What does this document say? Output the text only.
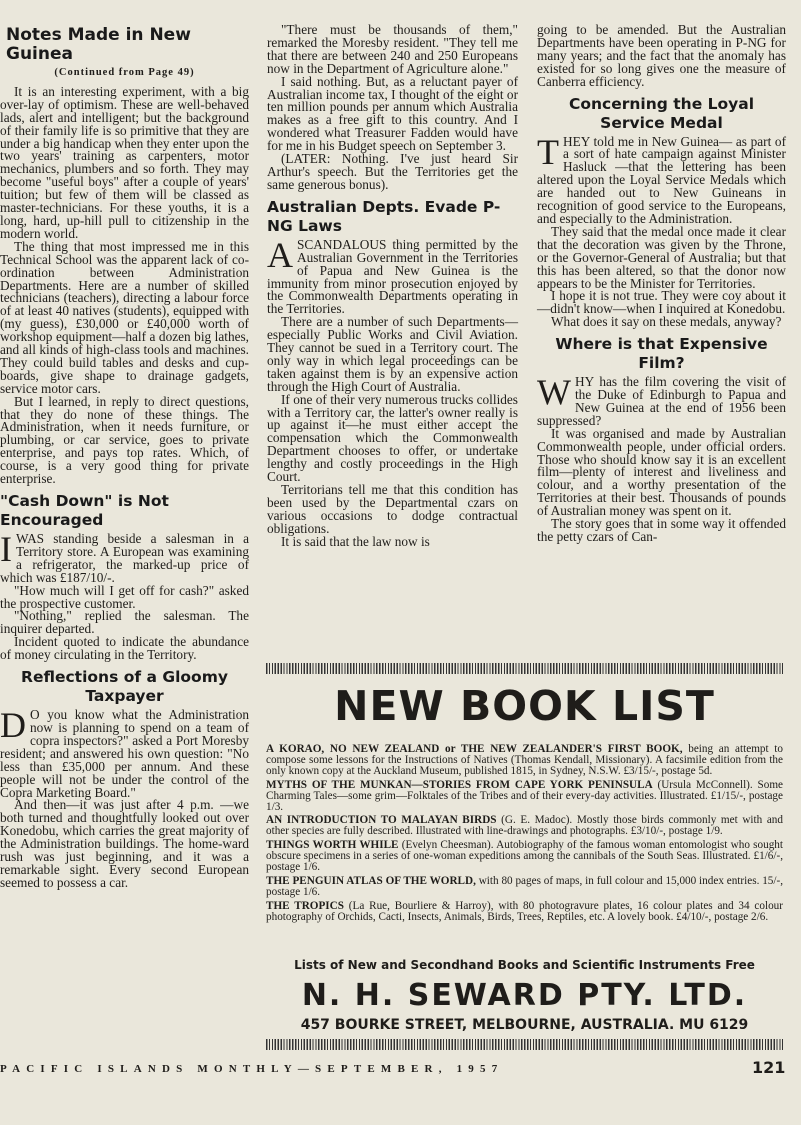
Notes Made in New Guinea
(Continued from Page 49)

It is an interesting experiment, with a big over-lay of optimism. These are well-behaved lads, alert and intelligent; but the background of their family life is so primitive that they are under a big handicap when they enter upon the two years' training as carpenters, motor mechanics, plumbers and so forth. They may become "useful boys" after a couple of years' tuition; but few of them will be classed as master-technicians. For these youths, it is a long, hard, up-hill pull to citizenship in the modern world.

The thing that most impressed me in this Technical School was the apparent lack of co-ordination between Administration Departments. Here are a number of skilled technicians (teachers), directing a labour force of at least 40 natives (students), equipped with (my guess), £30,000 or £40,000 worth of workshop equipment—half a dozen big lathes, and all kinds of high-class tools and machines. They could build tables and desks and cup-boards, give shape to drainage gadgets, service motor cars.

But I learned, in reply to direct questions, that they do none of these things. The Administration, when it needs furniture, or plumbing, or car service, goes to private enterprise, and pays top rates. Which, of course, is a very good thing for private enterprise.

"Cash Down" is Not Encouraged

IWAS standing beside a salesman in a Territory store. A European was examining a refrigerator, the marked-up price of which was £187/10/-.

"How much will I get off for cash?" asked the prospective customer.

"Nothing," replied the salesman. The inquirer departed.

Incident quoted to indicate the abundance of money circulating in the Territory.

Reflections of a Gloomy Taxpayer

D O you know what the Administration now is planning to spend on a team of copra inspectors?" asked a Port Moresby resident; and answered his own question: "No less than £35,000 per annum. And these people will not be under the control of the Copra Marketing Board."

And then—it was just after 4 p.m. —we both turned and thoughtfully looked out over Konedobu, which carries the great majority of the Administration buildings. The home-ward rush was just beginning, and it was a remarkable sight. Every second European seemed to possess a car.

"There must be thousands of them," remarked the Moresby resident. "They tell me that there are between 240 and 250 Europeans now in the Department of Agriculture alone."

I said nothing. But, as a reluctant payer of Australian income tax, I thought of the eight or ten million pounds per annum which Australia makes as a free gift to this country. And I wondered what Treasurer Fadden would have for me in his Budget speech on September 3.

(LATER: Nothing. I've just heard Sir Arthur's speech. But the Territories get the same generous bonus).

Australian Depts. Evade P-NG Laws

ASCANDALOUS thing permitted by the Australian Government in the Territories of Papua and New Guinea is the immunity from minor prosecution enjoyed by the Commonwealth Departments operating in the Territories.

There are a number of such Departments—especially Public Works and Civil Aviation. They cannot be sued in a Territory court. The only way in which legal proceedings can be taken against them is by an expensive action through the High Court of Australia.

If one of their very numerous trucks collides with a Territory car, the latter's owner really is up against it—he must either accept the compensation which the Commonwealth Department chooses to offer, or undertake lengthy and costly proceedings in the High Court.

Territorians tell me that this condition has been used by the Departmental czars on various occasions to dodge contractual obligations.

It is said that the law now is

going to be amended. But the Australian Departments have been operating in P-NG for many years; and the fact that the anomaly has existed for so long gives one the measure of Canberra efficiency.

Concerning the Loyal Service Medal

THEY told me in New Guinea— as part of a sort of hate campaign against Minister Hasluck —that the lettering has been altered upon the Loyal Service Medals which are handed out to New Guineans in recognition of good service to the Europeans, and especially to the Administration.

They said that the medal once made it clear that the decoration was given by the Throne, or the Governor-General of Australia; but that this has been altered, so that the donor now appears to be the Minister for Territories.

I hope it is not true. They were coy about it—didn't know—when I inquired at Konedobu.

What does it say on these medals, anyway?

Where is that Expensive Film?

WHY has the film covering the visit of the Duke of Edinburgh to Papua and New Guinea at the end of 1956 been suppressed?

It was organised and made by Australian Commonwealth people, under official orders. Those who should know say it is an excellent film—plenty of interest and liveliness and colour, and a worthy presentation of the Territories at their best. Thousands of pounds of Australian money was spent on it.

The story goes that in some way it offended the petty czars of Can-

NEW BOOK LIST

A KORAO, NO NEW ZEALAND or THE NEW ZEALANDER'S FIRST BOOK, being an attempt to compose some lessons for the Instructions of Natives (Thomas Kendall, Missionary). A facsimile edition from the only known copy at the Auckland Museum, published 1815, in Sydney, N.S.W. £3/15/-, postage 5d.

MYTHS OF THE MUNKAN—STORIES FROM CAPE YORK PENINSULA (Ursula McConnell). Some Charming Tales—some grim—Folktales of the Tribes and of their every-day activities. Illustrated. £1/15/-, postage 1/3.

AN INTRODUCTION TO MALAYAN BIRDS (G. E. Madoc). Mostly those birds commonly met with and other species are fully described. Illustrated with line-drawings and photographs. £3/10/-, postage 1/9.

THINGS WORTH WHILE (Evelyn Cheesman). Autobiography of the famous woman entomologist who sought obscure specimens in a series of one-woman expeditions among the cannibals of the South Seas. Illustrated. £1/6/-, postage 1/6.

THE PENGUIN ATLAS OF THE WORLD, with 80 pages of maps, in full colour and 15,000 index entries. 15/-, postage 1/6.

THE TROPICS (La Rue, Bourliere & Harroy), with 80 photogravure plates, 16 colour plates and 34 colour photography of Orchids, Cacti, Insects, Animals, Birds, Trees, Reptiles, etc. A lovely book. £4/10/-, postage 2/6.

Lists of New and Secondhand Books and Scientific Instruments Free
N. H. SEWARD PTY. LTD.
457 BOURKE STREET, MELBOURNE, AUSTRALIA. MU 6129
PACIFIC ISLANDS MONTHLY—SEPTEMBER, 1957	121
